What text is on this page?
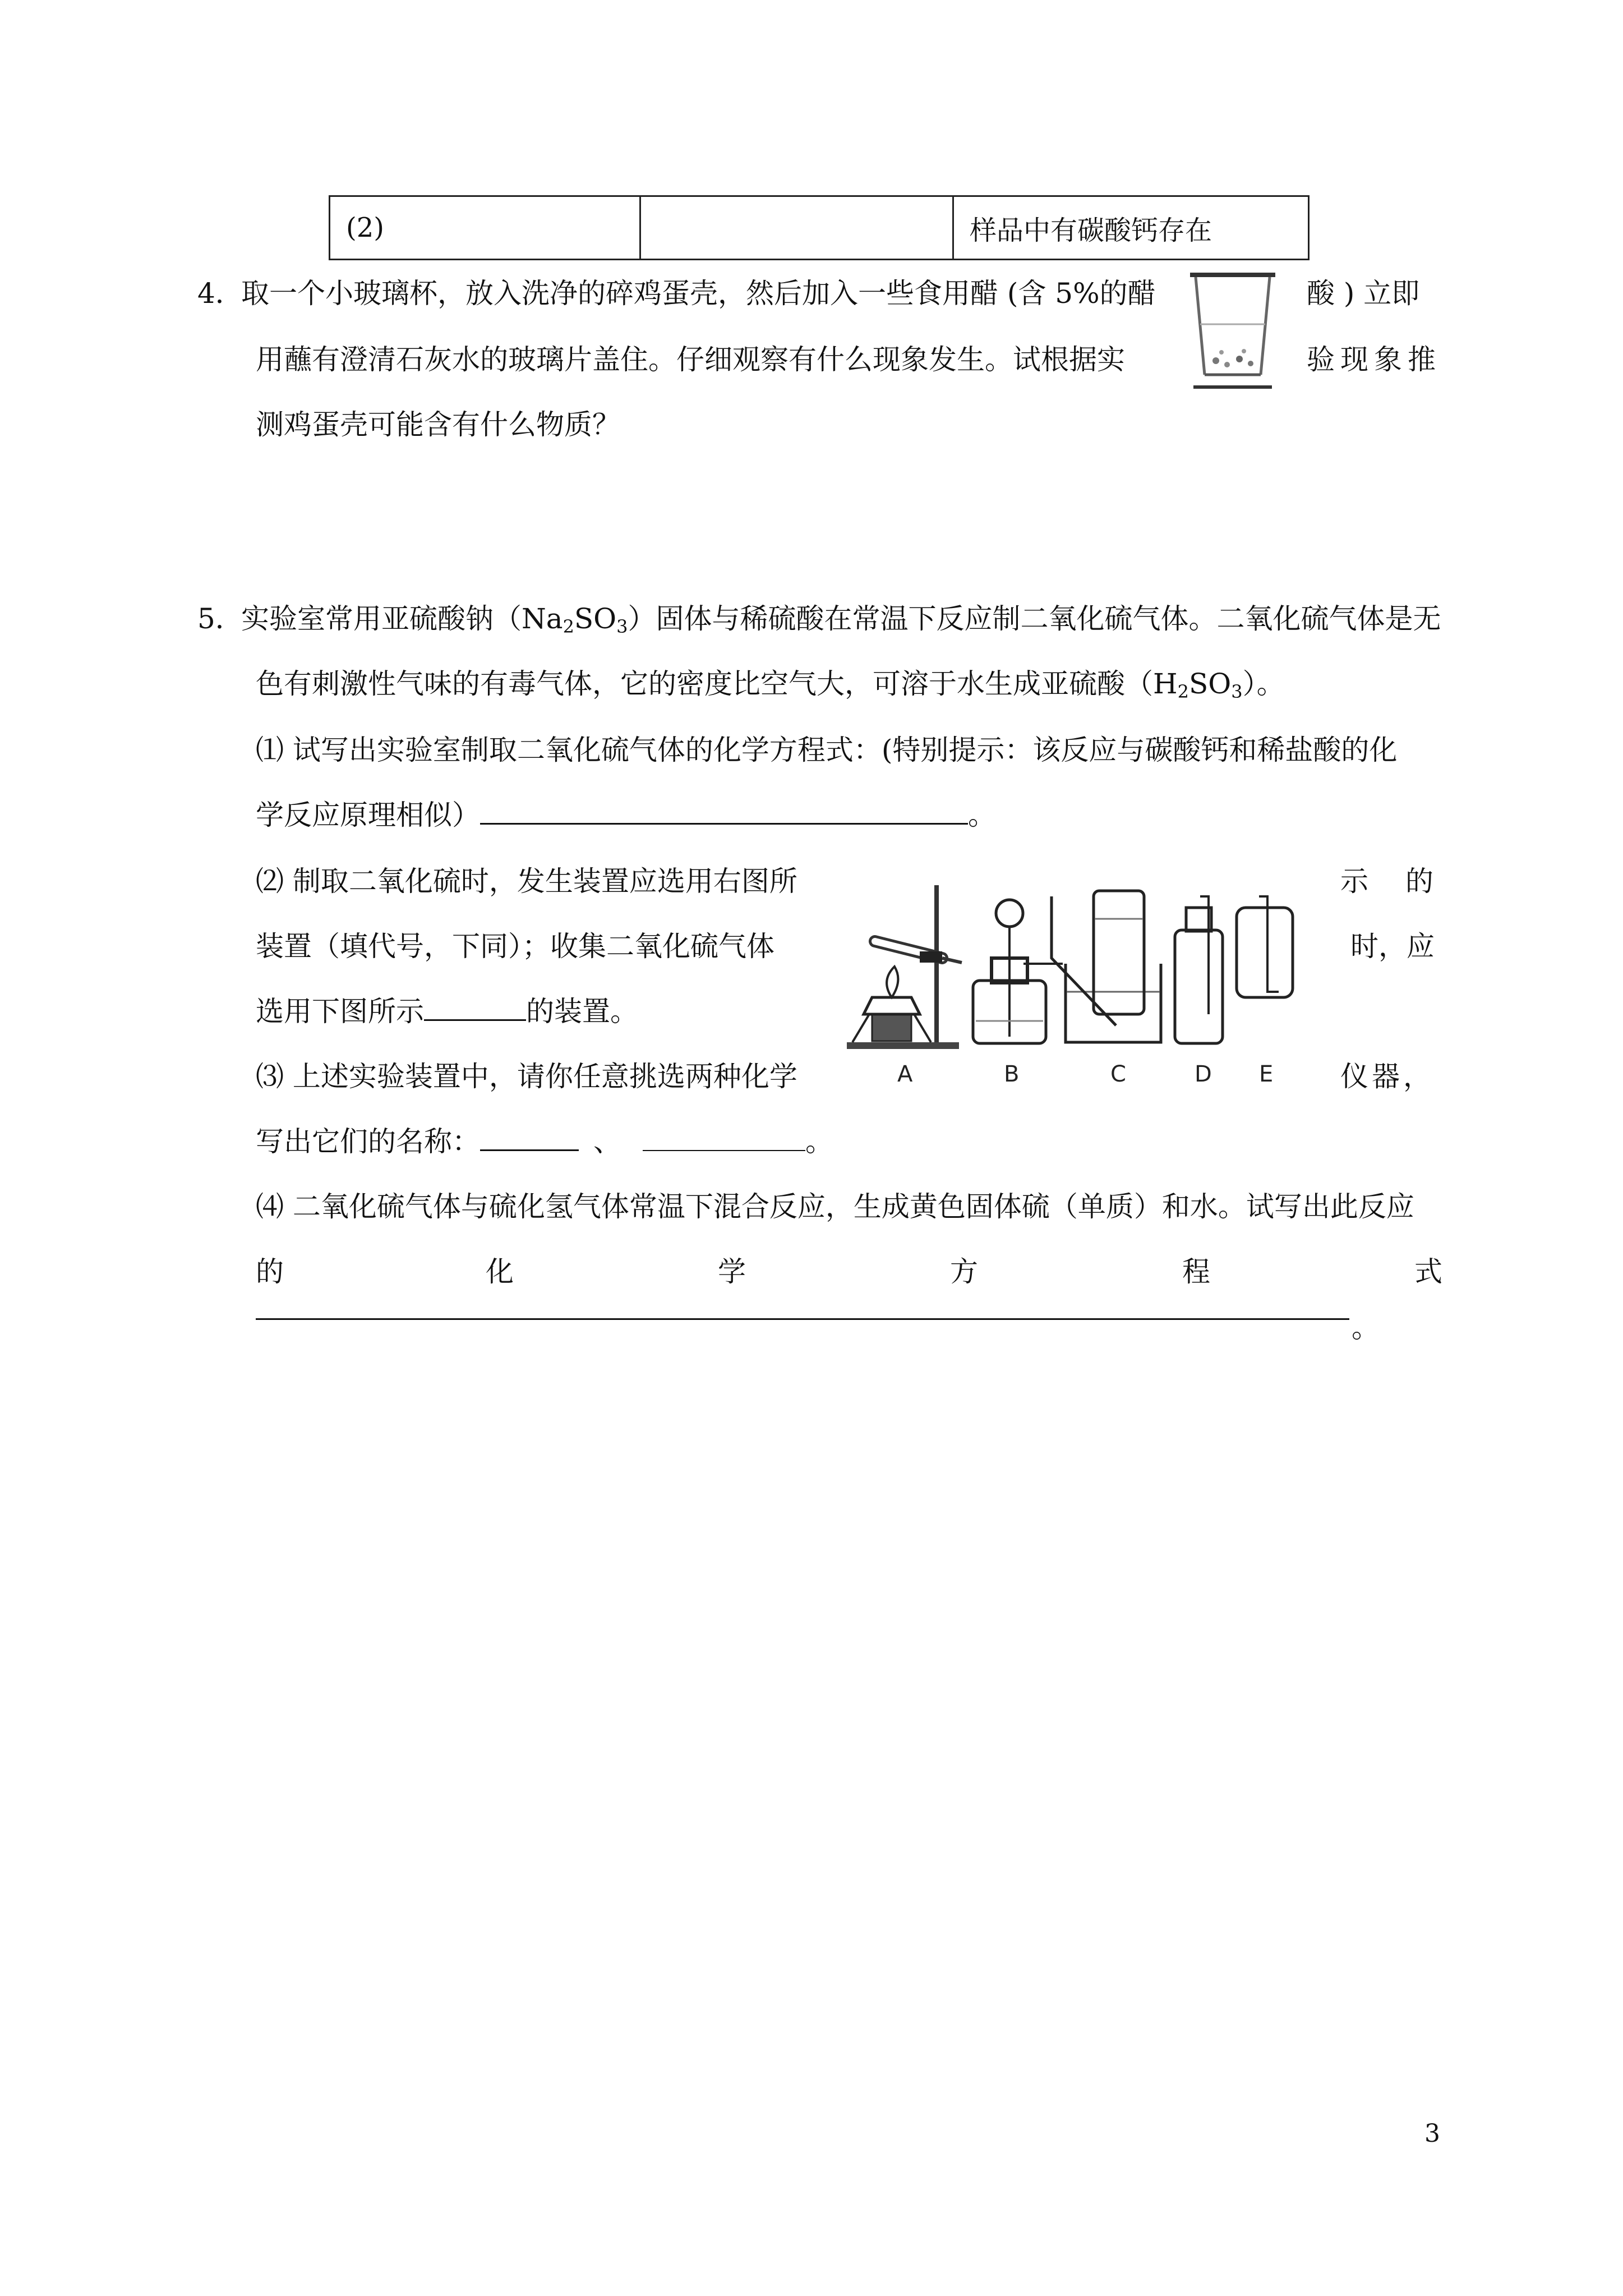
(2)		样品中有碳酸钙存在
4．
取一个小玻璃杯，放入洗净的碎鸡蛋壳，然后加入一些食用醋 (含 5%的醋	酸 ) 立即
用蘸有澄清石灰水的玻璃片盖住。仔细观察有什么现象发生。试根据实	验现象推
测鸡蛋壳可能含有什么物质？
5．
实验室常用亚硫酸钠$(Na_2SO_3)$固体与稀硫酸在常温下反应制二氧化硫气体。二氧化硫气体是无
色有刺激性气味的有毒气体，它的密度比空气大，可溶于水生成亚硫酸$(H_2SO_3)$。
⑴ 试写出实验室制取二氧化硫气体的化学方程式：(特别提示：该反应与碳酸钙和稀盐酸的化
学反应原理相似）	。
⑵ 制取二氧化硫时，发生装置应选用右图所	示　的
装置（填代号，下同）；收集二氧化硫气体	时，应
选用下图所示	的装置。
⑶ 上述实验装置中，请你任意挑选两种化学	仪器，
写出它们的名称：	、	。
⑷ 二氧化硫气体与硫化氢气体常温下混合反应，生成黄色固体硫（单质）和水。试写出此反应
的	化	学	方	程	式
。
A	B	C	D E
3
